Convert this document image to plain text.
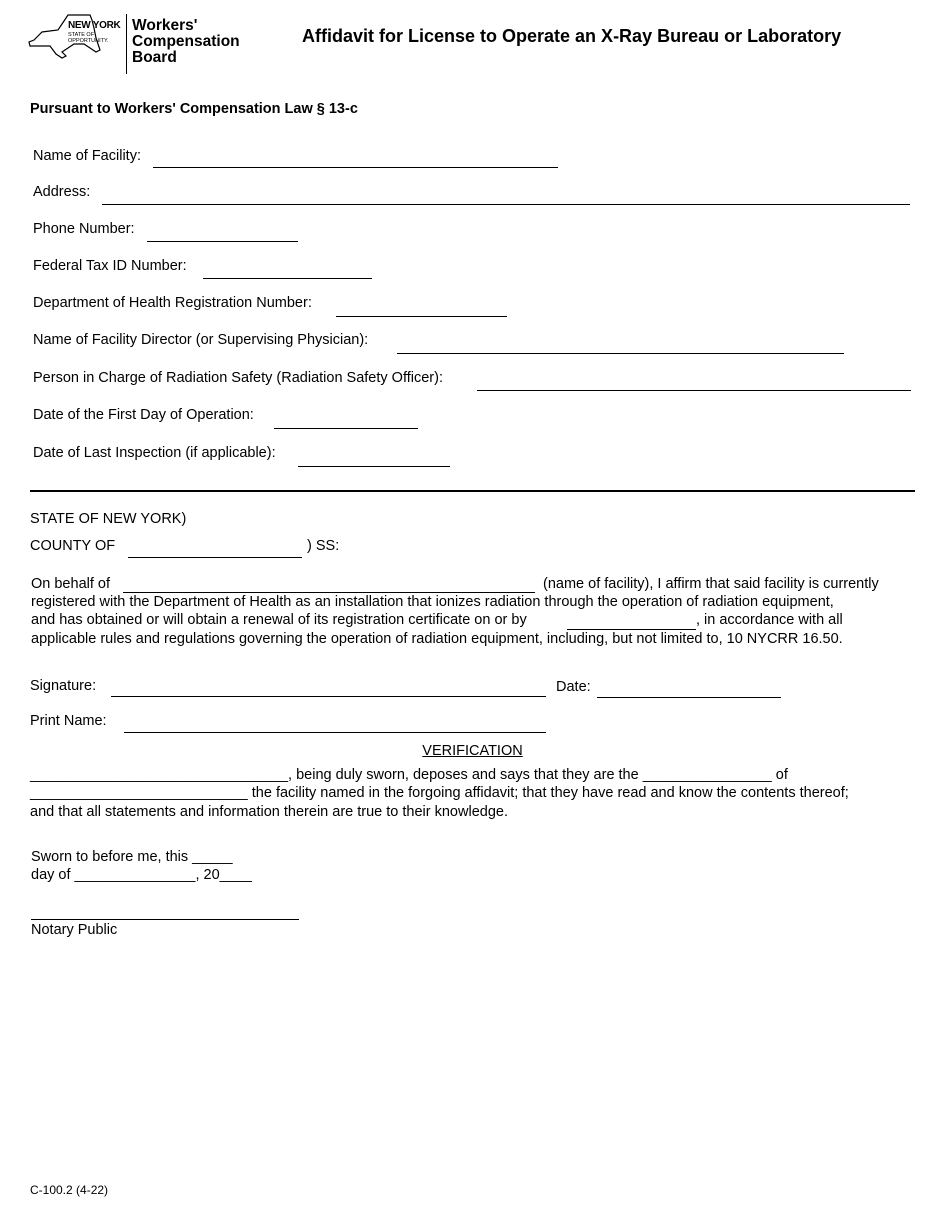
NEW YORK
STATE OF
OPPORTUNITY.
Workers'
Compensation
Board
Affidavit for License to Operate an X-Ray Bureau or Laboratory
Pursuant to Workers' Compensation Law § 13-c
Name of Facility:
Address:
Phone Number:
Federal Tax ID Number:
Department of Health Registration Number:
Name of Facility Director (or Supervising Physician):
Person in Charge of Radiation Safety (Radiation Safety Officer):
Date of the First Day of Operation:
Date of Last Inspection (if applicable):
STATE OF NEW YORK)
COUNTY OF	) SS:
On behalf of	(name of facility), I affirm that said facility is currently
registered with the Department of Health as an installation that ionizes radiation through the operation of radiation equipment,
and has obtained or will obtain a renewal of its registration certificate on or by	, in accordance with all
applicable rules and regulations governing the operation of radiation equipment, including, but not limited to, 10 NYCRR 16.50.
Signature:	Date:
Print Name:
VERIFICATION
________________________________, being duly sworn, deposes and says that they are the ________________ of
___________________________ the facility named in the forgoing affidavit; that they have read and know the contents thereof;
and that all statements and information therein are true to their knowledge.
Sworn to before me, this _____
day of _______________, 20____
Notary Public
C-100.2 (4-22)
